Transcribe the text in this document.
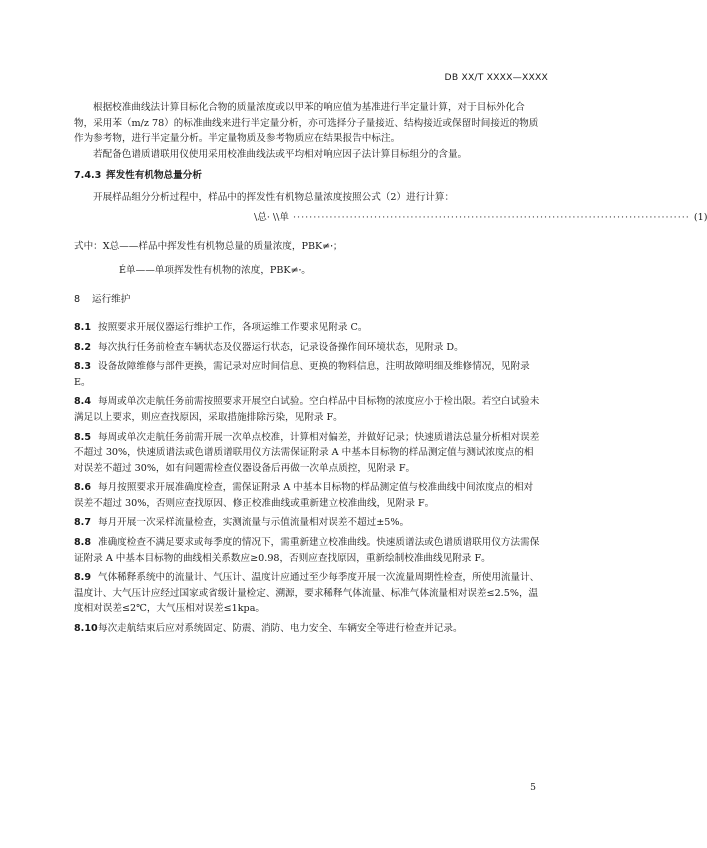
DB XX/T XXXX—XXXX

根据校准曲线法计算目标化合物的质量浓度或以甲苯的响应值为基准进行半定量计算，对于目标外化合物，采用苯（m/z 78）的标准曲线来进行半定量分析，亦可选择分子量接近、结构接近或保留时间接近的物质作为参考物，进行半定量分析。半定量物质及参考物质应在结果报告中标注。

若配备色谱质谱联用仪使用采用校准曲线法或平均相对响应因子法计算目标组分的含量。

7.4.3 挥发性有机物总量分析

开展样品组分分析过程中，样品中的挥发性有机物总量浓度按照公式（2）进行计算：

\总· \\单 ·································································································· (1)

式中：X总——样品中挥发性有机物总量的质量浓度，PBK≠੶；

É单——单项挥发性有机物的浓度，PBK≠੶。

8 运行维护

8.1 按照要求开展仪器运行维护工作，各项运维工作要求见附录 C。

8.2 每次执行任务前检查车辆状态及仪器运行状态，记录设备操作间环境状态，见附录 D。

8.3 设备故障维修与部件更换，需记录对应时间信息、更换的物料信息，注明故障明细及维修情况，见附录 E。

8.4 每周或单次走航任务前需按照要求开展空白试验。空白样品中目标物的浓度应小于检出限。若空白试验未满足以上要求，则应查找原因，采取措施排除污染，见附录 F。

8.5 每周或单次走航任务前需开展一次单点校准，计算相对偏差，并做好记录；快速质谱法总量分析相对误差不超过 30%，快速质谱法或色谱质谱联用仪方法需保证附录 A 中基本目标物的样品测定值与测试浓度点的相对误差不超过 30%，如有问题需检查仪器设备后再做一次单点质控，见附录 F。

8.6 每月按照要求开展准确度检查，需保证附录 A 中基本目标物的样品测定值与校准曲线中间浓度点的相对误差不超过 30%，否则应查找原因、修正校准曲线或重新建立校准曲线，见附录 F。

8.7 每月开展一次采样流量检查，实测流量与示值流量相对误差不超过±5%。

8.8 准确度检查不满足要求或每季度的情况下，需重新建立校准曲线。快速质谱法或色谱质谱联用仪方法需保证附录 A 中基本目标物的曲线相关系数应≥0.98，否则应查找原因，重新绘制校准曲线见附录 F。

8.9 气体稀释系统中的流量计、气压计、温度计应通过至少每季度开展一次流量周期性检查，所使用流量计、温度计、大气压计应经过国家或省级计量检定、溯源，要求稀释气体流量、标准气体流量相对误差≤2.5%，温度相对误差≤2℃，大气压相对误差≤1kpa。

8.10每次走航结束后应对系统固定、防震、消防、电力安全、车辆安全等进行检查并记录。

5
